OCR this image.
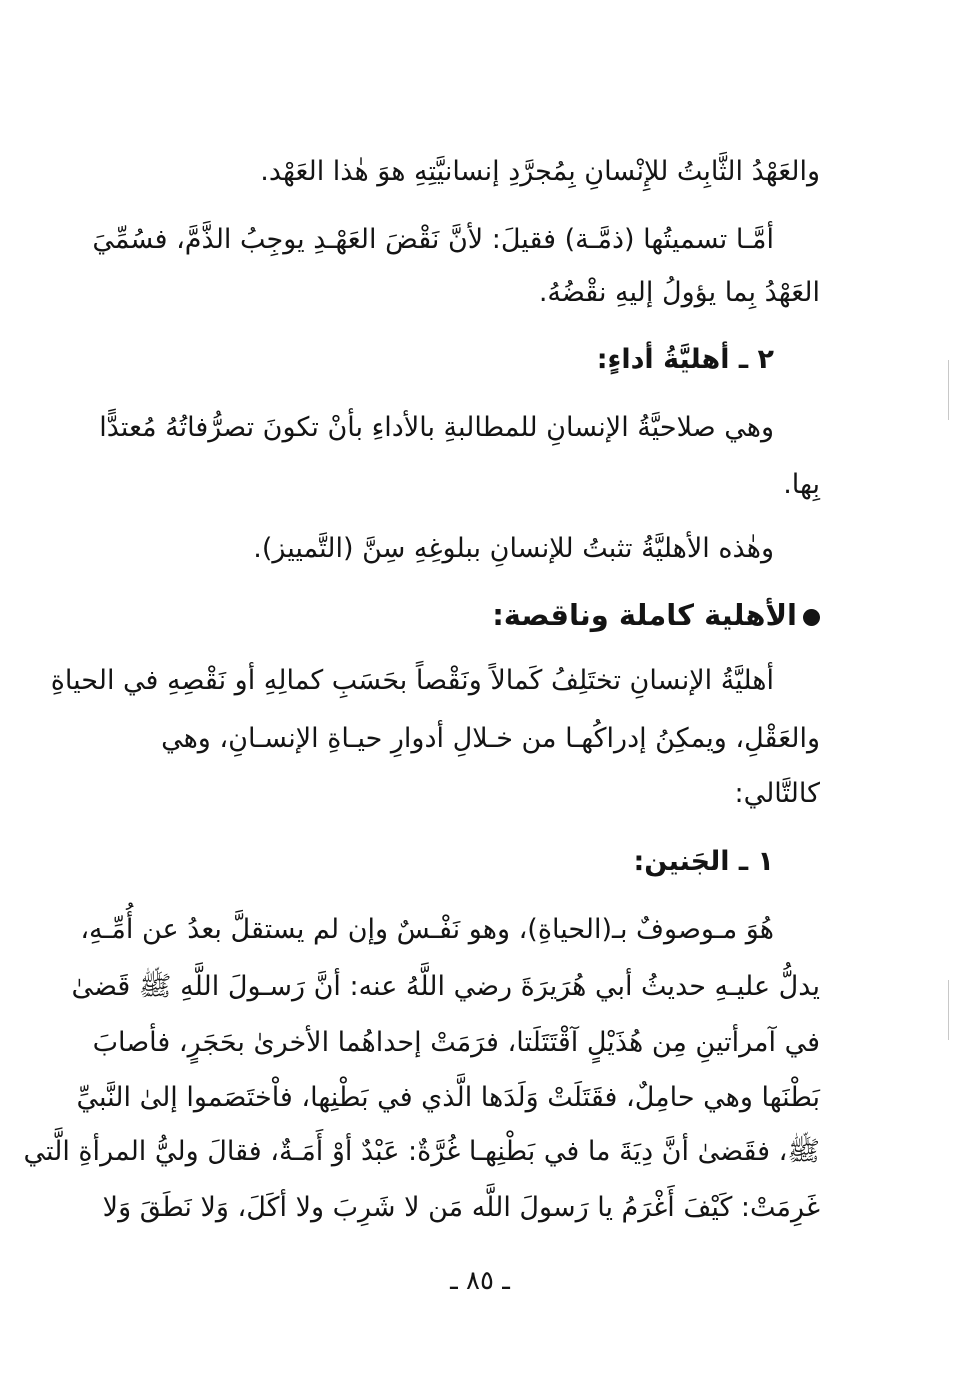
والعَهْدُ الثَّابِتُ للإِنْسانِ بِمُجرَّدِ إنسانيَّتِهِ هوَ هٰذا العَهْد.
أمَّـا تسميتُها (ذمَّـة) فقيلَ: لأنَّ نَقْضَ العَهْـدِ يوجِبُ الذَّمَّ، فسُمِّيَ
العَهْدُ بِما يؤولُ إليهِ نقْضُهُ.
٢ ـ أهليَّةُ أداءٍ:
وهي صلاحيَّةُ الإنسانِ للمطالبةِ بالأداءِ بأنْ تكونَ تصرُّفاتُهُ مُعتدًّا
بِها.
وهٰذه الأهليَّةُ تثبتُ للإنسانِ ببلوغِهِ سِنَّ (التَّمييز).
الأهلية كاملة وناقصة:
أهليَّةُ الإنسانِ تختَلِفُ كَمالاً ونَقْصاً بحَسَبِ كمالِهِ أو نَقْصِهِ في الحياةِ
والعَقْلِ، ويمكِنُ إدراكُهـا من خـلالِ أدوارِ حيـاةِ الإنسـانِ، وهي
كالتَّالي:
١ ـ الجَنين:
هُوَ مـوصوفٌ بـ(الحياةِ)، وهو نَفْـسٌ وإن لم يستقلَّ بعدُ عن أُمِّـهِ،
يدلُّ عليـهِ حديثُ أبي هُرَيرَةَ رضي اللَّهُ عنه: أنَّ رَسـولَ اللَّهِ ﷺ قَضىٰ
في آمرأتينِ مِن هُذَيْلٍ آقْتَتَلَتا، فرَمَتْ إحداهُما الأخرىٰ بحَجَرٍ، فأصابَ
بَطْنَها وهي حامِلٌ، فقَتَلَتْ وَلَدَها الَّذي في بَطْنِها، فاْختَصَموا إلىٰ النَّبيِّ
ﷺ، فقَضىٰ أنَّ دِيَةَ ما في بَطْنِهـا غُرَّةٌ: عَبْدٌ أوْ أَمَـةٌ، فقالَ وليُّ المرأةِ الَّتي
غَرِمَتْ: كَيْفَ أَغْرَمُ يا رَسولَ اللَّه مَن لا شَرِبَ ولا أكَلَ، وَلا نَطَقَ وَلا
ـ ٨٥ ـ
